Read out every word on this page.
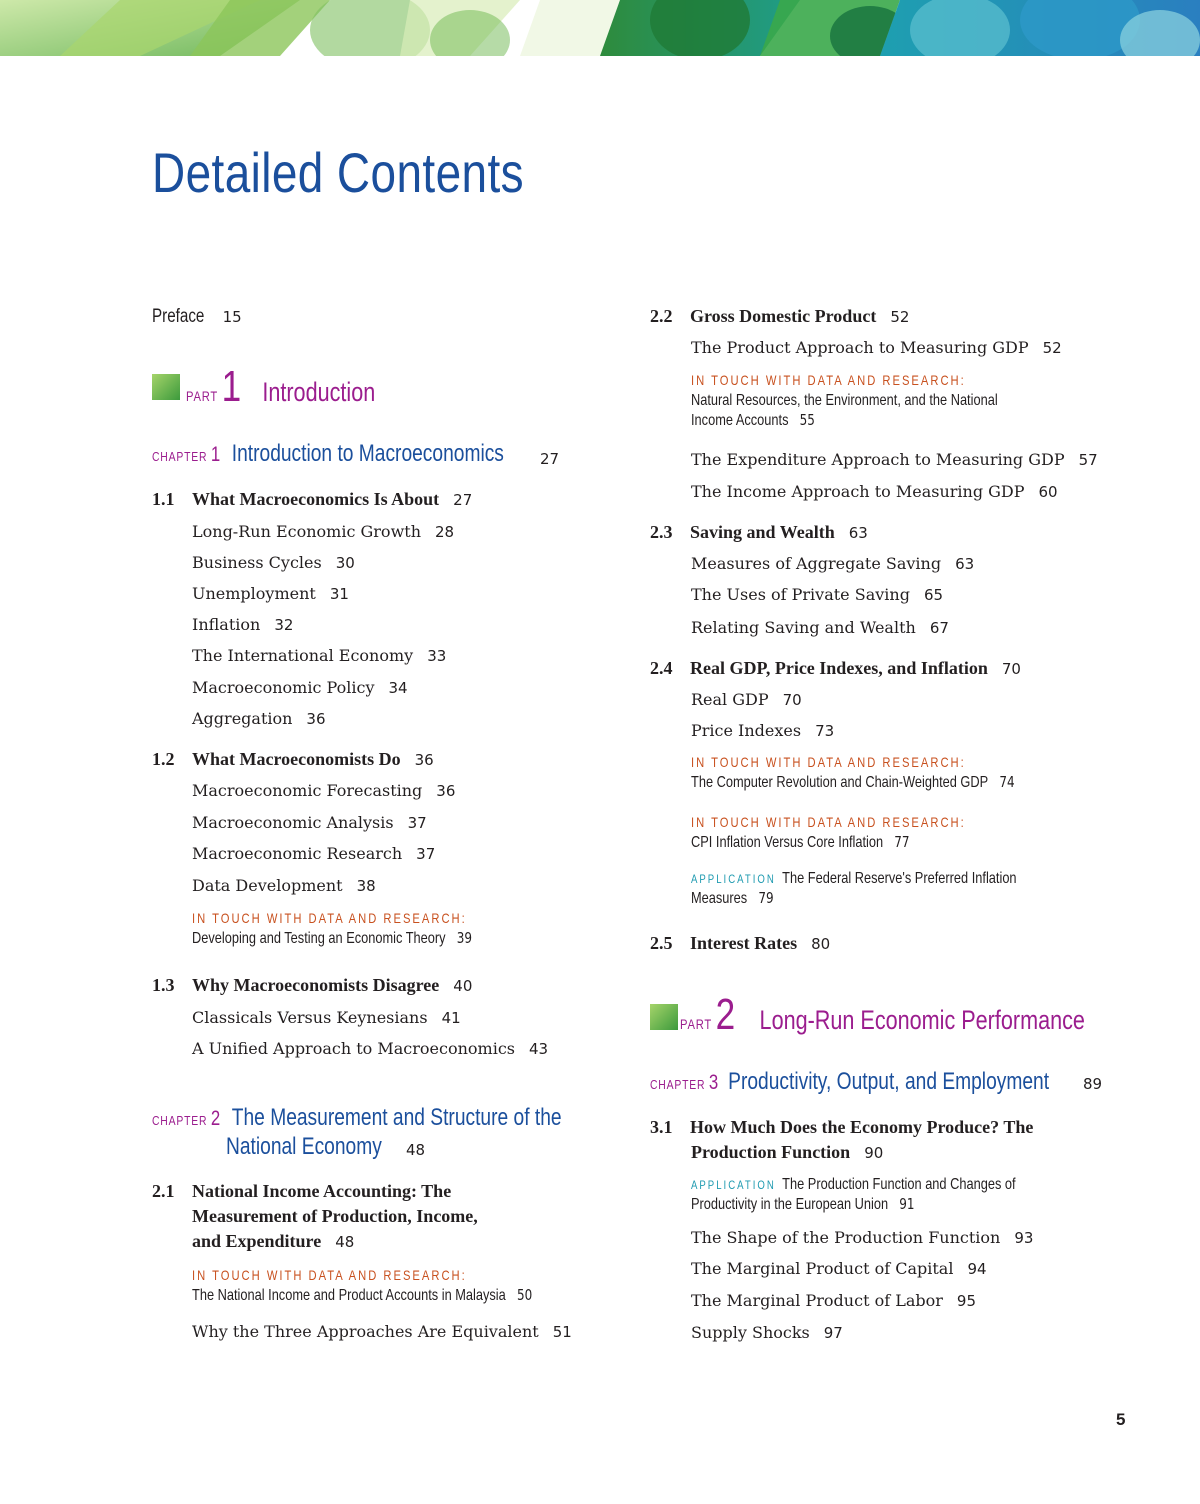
Detailed Contents
Preface 15
PART 1 Introduction
CHAPTER 1 Introduction to Macroeconomics	27
1.1 What Macroeconomics Is About 27
Long-Run Economic Growth 28
Business Cycles 30
Unemployment 31
Inflation 32
The International Economy 33
Macroeconomic Policy 34
Aggregation 36
1.2 What Macroeconomists Do 36
Macroeconomic Forecasting 36
Macroeconomic Analysis 37
Macroeconomic Research 37
Data Development 38
IN TOUCH WITH DATA AND RESEARCH:
Developing and Testing an Economic Theory 39
1.3 Why Macroeconomists Disagree 40
Classicals Versus Keynesians 41
A Unified Approach to Macroeconomics 43
CHAPTER 2 The Measurement and Structure of the
National Economy	48
2.1 National Income Accounting: The
Measurement of Production, Income,
and Expenditure 48
IN TOUCH WITH DATA AND RESEARCH:
The National Income and Product Accounts in Malaysia 50
Why the Three Approaches Are Equivalent 51
2.2 Gross Domestic Product 52
The Product Approach to Measuring GDP 52
IN TOUCH WITH DATA AND RESEARCH:
Natural Resources, the Environment, and the National
Income Accounts 55
The Expenditure Approach to Measuring GDP 57
The Income Approach to Measuring GDP 60
2.3 Saving and Wealth 63
Measures of Aggregate Saving 63
The Uses of Private Saving 65
Relating Saving and Wealth 67
2.4 Real GDP, Price Indexes, and Inflation 70
Real GDP 70
Price Indexes 73
IN TOUCH WITH DATA AND RESEARCH:
The Computer Revolution and Chain-Weighted GDP 74
IN TOUCH WITH DATA AND RESEARCH:
CPI Inflation Versus Core Inflation 77
APPLICATION The Federal Reserve's Preferred Inflation
Measures 79
2.5 Interest Rates 80
PART 2 Long-Run Economic Performance
CHAPTER 3 Productivity, Output, and Employment	89
3.1 How Much Does the Economy Produce? The
Production Function 90
APPLICATION The Production Function and Changes of
Productivity in the European Union 91
The Shape of the Production Function 93
The Marginal Product of Capital 94
The Marginal Product of Labor 95
Supply Shocks 97
5
